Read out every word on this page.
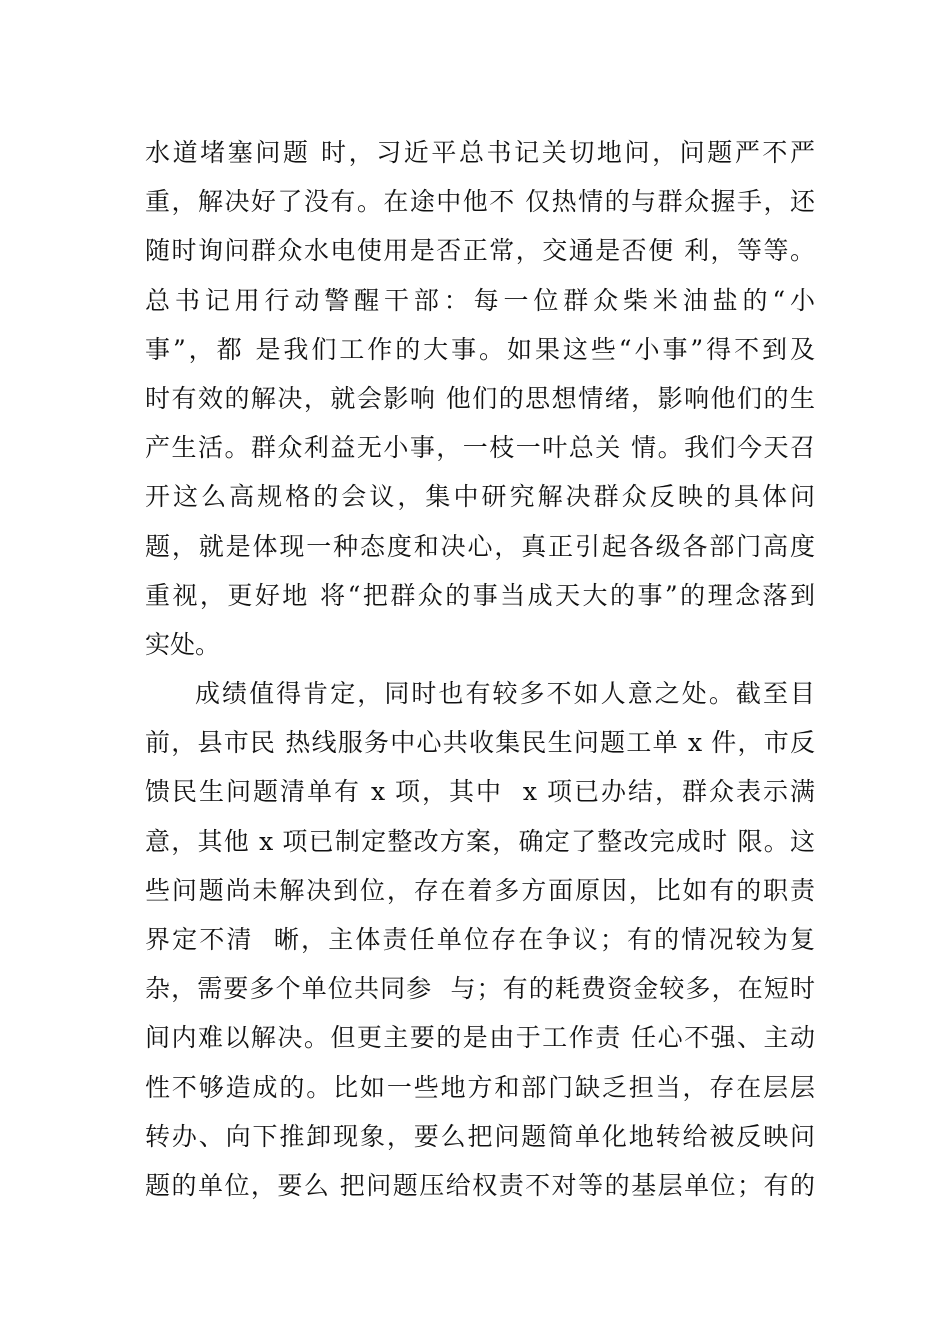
水道堵塞问题 时，习近平总书记关切地问，问题严不严
重，解决好了没有。在途中他不 仅热情的与群众握手，还
随时询问群众水电使用是否正常，交通是否便 利，等等。
总书记用行动警醒干部：每一位群众柴米油盐的“小
事”，都 是我们工作的大事。如果这些“小事”得不到及
时有效的解决，就会影响 他们的思想情绪，影响他们的生
产生活。群众利益无小事，一枝一叶总关 情。我们今天召
开这么高规格的会议，集中研究解决群众反映的具体问
题，就是体现一种态度和决心，真正引起各级各部门高度
重视，更好地 将“把群众的事当成天大的事”的理念落到
实处。
成绩值得肯定，同时也有较多不如人意之处。截至目
前，县市民 热线服务中心共收集民生问题工单 x 件，市反
馈民生问题清单有 x 项，其中  x 项已办结，群众表示满
意，其他 x 项已制定整改方案，确定了整改完成时 限。这
些问题尚未解决到位，存在着多方面原因，比如有的职责
界定不清  晰，主体责任单位存在争议；有的情况较为复
杂，需要多个单位共同参  与；有的耗费资金较多，在短时
间内难以解决。但更主要的是由于工作责 任心不强、主动
性不够造成的。比如一些地方和部门缺乏担当，存在层层
转办、向下推卸现象，要么把问题简单化地转给被反映问
题的单位，要么 把问题压给权责不对等的基层单位；有的
